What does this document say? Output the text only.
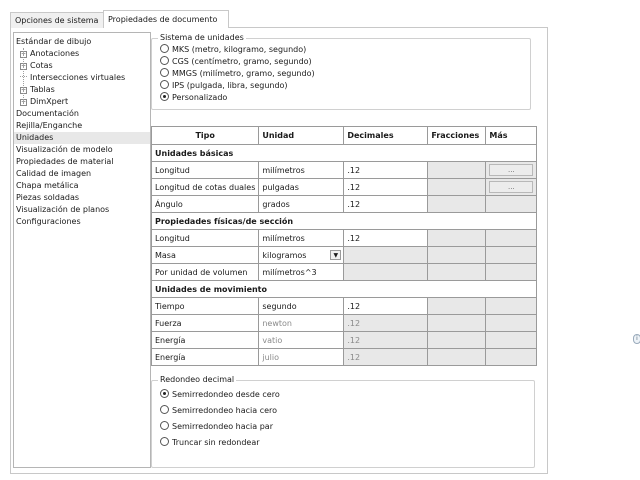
Opciones de sistema	Propiedades de documento
Estándar de dibujo
+ Anotaciones
+ Cotas
Intersecciones virtuales
+ Tablas
+ DimXpert
Documentación
Rejilla/Enganche
Unidades
Visualización de modelo
Propiedades de material
Calidad de imagen
Chapa metálica
Piezas soldadas
Visualización de planos
Configuraciones
Sistema de unidades
MKS (metro, kilogramo, segundo)
CGS (centímetro, gramo, segundo)
MMGS (milímetro, gramo, segundo)
IPS (pulgada, libra, segundo)
Personalizado
Tipo	Unidad	Decimales	Fracciones	Más
Unidades básicas				
Longitud	milímetros	.12		...

Longitud de cotas duales	pulgadas	.12		...

Ángulo	grados	.12		
Propiedades físicas/de sección				
Longitud	milímetros	.12		
Masa	kilogramos ▼			

Por unidad de volumen	milímetros^3			
Unidades de movimiento				
Tiempo	segundo	.12		
Fuerza	newton	.12		
Energía	vatio	.12		
Energía	julio	.12		
Redondeo decimal
Semirredondeo desde cero
Semirredondeo hacia cero
Semirredondeo hacia par
Truncar sin redondear
i
